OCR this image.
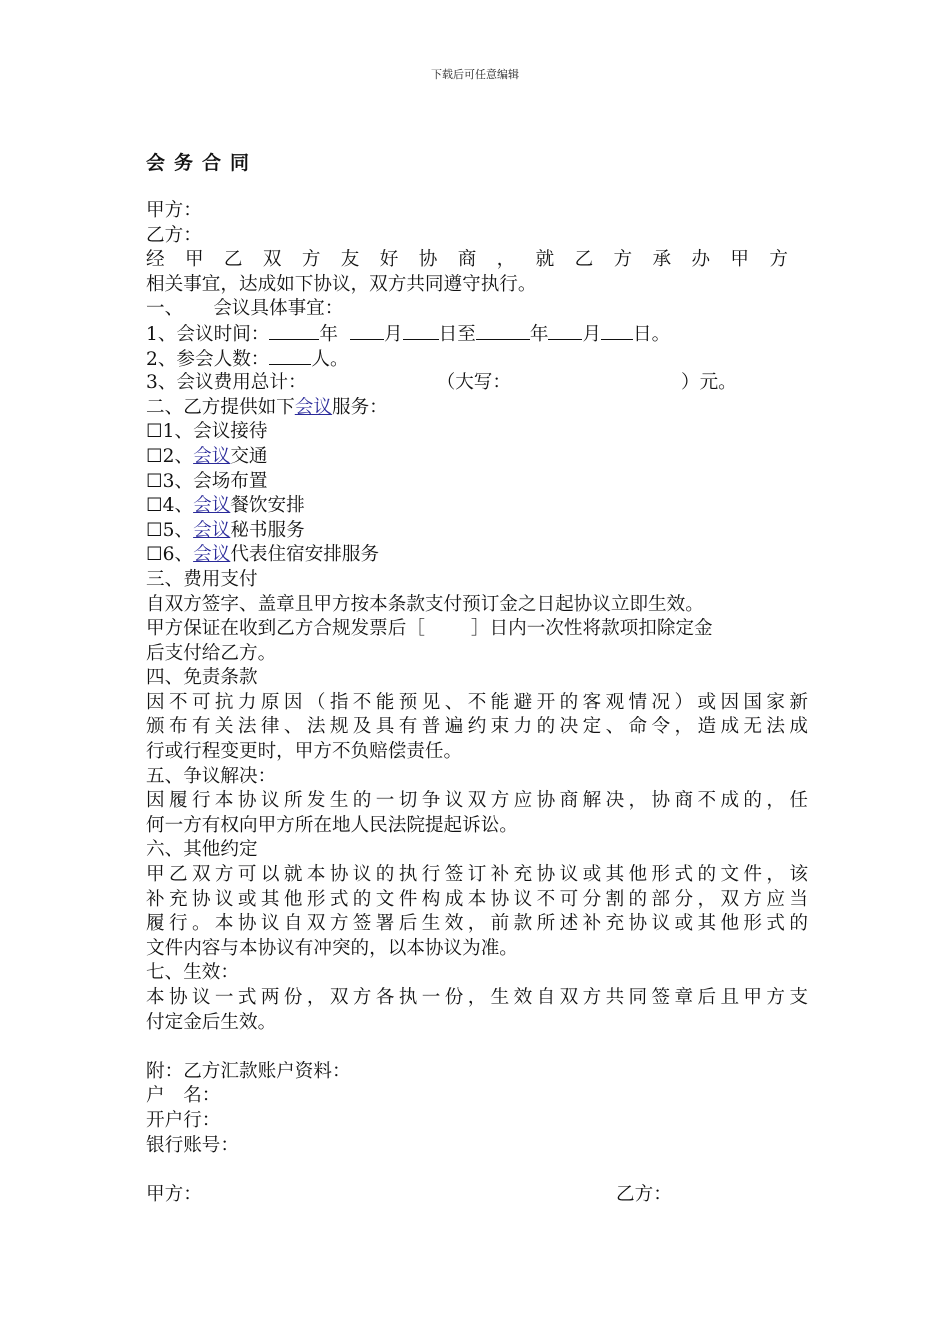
下载后可任意编辑
会务合同
甲方：
乙方：
经甲乙双方友好协商，就乙方承办甲方
相关事宜，达成如下协议，双方共同遵守执行。
一、 会议具体事宜：
1、会议时间：	年 月 日至	年 月 日。
2、参会人数： 人。
3、会议费用总计：	（大写：	）元。
二、乙方提供如下会议服务：
☐1、会议接待
☐2、会议交通
☐3、会场布置
☐4、会议餐饮安排
☐5、会议秘书服务
☐6、会议代表住宿安排服务
三、费用支付
自双方签字、盖章且甲方按本条款支付预订金之日起协议立即生效。
甲方保证在收到乙方合规发票后［ ］日内一次性将款项扣除定金
后支付给乙方。
四、免责条款
因不可抗力原因（指不能预见、不能避开的客观情况）或因国家新
颁布有关法律、法规及具有普遍约束力的决定、命令，造成无法成
行或行程变更时，甲方不负赔偿责任。
五、争议解决：
因履行本协议所发生的一切争议双方应协商解决，协商不成的，任
何一方有权向甲方所在地人民法院提起诉讼。
六、其他约定
甲乙双方可以就本协议的执行签订补充协议或其他形式的文件，该
补充协议或其他形式的文件构成本协议不可分割的部分，双方应当
履行。本协议自双方签署后生效，前款所述补充协议或其他形式的
文件内容与本协议有冲突的，以本协议为准。
七、生效：
本协议一式两份，双方各执一份，生效自双方共同签章后且甲方支
付定金后生效。
附：乙方汇款账户资料：
户　名：
开户行：
银行账号：
甲方：	乙方：
